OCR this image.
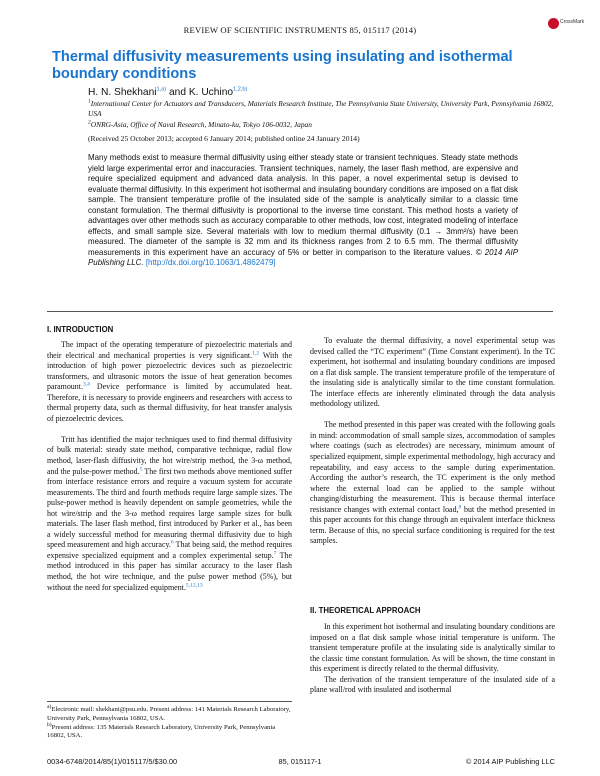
REVIEW OF SCIENTIFIC INSTRUMENTS 85, 015117 (2014)
CrossMark
Thermal diffusivity measurements using insulating and isothermal boundary conditions
H. N. Shekhani$^{1,a)}$ and K. Uchino$^{1,2,b)}$
$^1$International Center for Actuators and Transducers, Materials Research Institute, The Pennsylvania State University, University Park, Pennsylvania 16802, USA
$^2$ONRG-Asia, Office of Naval Research, Minato-ku, Tokyo 106-0032, Japan
(Received 25 October 2013; accepted 6 January 2014; published online 24 January 2014)
Many methods exist to measure thermal diffusivity using either steady state or transient techniques. Steady state methods yield large experimental error and inaccuracies. Transient techniques, namely, the laser flash method, are expensive and require specialized equipment and advanced data analysis. In this paper, a novel experimental setup is devised to evaluate thermal diffusivity. In this experiment hot isothermal and insulating boundary conditions are imposed on a flat disk sample. The transient temperature profile of the insulated side of the sample is analytically similar to a classic time constant formulation. The thermal diffusivity is proportional to the inverse time constant. This method hosts a variety of advantages over other methods such as accuracy comparable to other methods, low cost, integrated modeling of interface effects, and small sample size. Several materials with low to medium thermal diffusivity (0.1 → 3mm²/s) have been measured. The diameter of the sample is 32 mm and its thickness ranges from 2 to 6.5 mm. The thermal diffusivity measurements in this experiment have an accuracy of 5% or better in comparison to the literature values. © 2014 AIP Publishing LLC. [http://dx.doi.org/10.1063/1.4862479]
I. INTRODUCTION

The impact of the operating temperature of piezoelectric materials and their electrical and mechanical properties is very significant.$^{1,2}$ With the introduction of high power piezoelectric devices such as piezoelectric transformers, and ultrasonic motors the issue of heat generation becomes paramount.$^{3,4}$ Device performance is limited by accumulated heat. Therefore, it is necessary to provide engineers and researchers with access to thermal property data, such as thermal diffusivity, for heat transfer analysis of piezoelectric devices.

Tritt has identified the major techniques used to find thermal diffusivity of bulk material: steady state method, comparative technique, radial flow method, laser-flash diffusivity, the hot wire/strip method, the 3-ω method, and the pulse-power method.$^5$ The first two methods above mentioned suffer from interface resistance errors and require a vacuum system for accurate measurements. The third and fourth methods require large sample sizes. The pulse-power method is heavily dependent on sample geometries, while the hot wire/strip and the 3-ω method requires large sample sizes for bulk materials. The laser flash method, first introduced by Parker et al., has been a widely successful method for measuring thermal diffusivity due to high speed measurement and high accuracy.$^6$ That being said, the method requires expensive specialized equipment and a complex experimental setup.$^7$ The method introduced in this paper has similar accuracy to the laser flash method, the hot wire technique, and the pulse power method (5%), but without the need for specialized equipment.$^{5,12,13}$

To evaluate the thermal diffusivity, a novel experimental setup was devised called the “TC experiment” (Time Constant experiment). In the TC experiment, hot isothermal and insulating boundary conditions are imposed on a flat disk sample. The transient temperature profile of the temperature of the insulating side is analytically similar to the time constant formulation. The interface effects are inherently eliminated through the data analysis methodology utilized.

The method presented in this paper was created with the following goals in mind: accommodation of small sample sizes, accommodation of samples where coatings (such as electrodes) are necessary, minimum amount of specialized equipment, simple experimental methodology, high accuracy and repeatability, and easy access to the sample during experimentation. According the author’s research, the TC experiment is the only method where the external load can be applied to the sample without changing/disturbing the measurement. This is because thermal interface resistance changes with external contact load,$^8$ but the method presented in this paper accounts for this change through an equivalent interface thickness term. Because of this, no special surface conditioning is required for the test samples.

II. THEORETICAL APPROACH

In this experiment hot isothermal and insulating boundary conditions are imposed on a flat disk sample whose initial temperature is uniform. The transient temperature profile at the insulating side is analytically similar to the classic time constant formulation. As will be shown, the time constant in this experiment is directly related to the thermal diffusivity.

The derivation of the transient temperature of the insulated side of a plane wall/rod with insulated and isothermal

$^{a)}$Electronic mail: shekhani@psu.edu. Present address: 141 Materials Research Laboratory, University Park, Pennsylvania 16802, USA.
$^{b)}$Present address: 135 Materials Research Laboratory, University Park, Pennsylvania 16802, USA.
0034-6748/2014/85(1)/015117/5/$30.00	85, 015117-1	© 2014 AIP Publishing LLC
